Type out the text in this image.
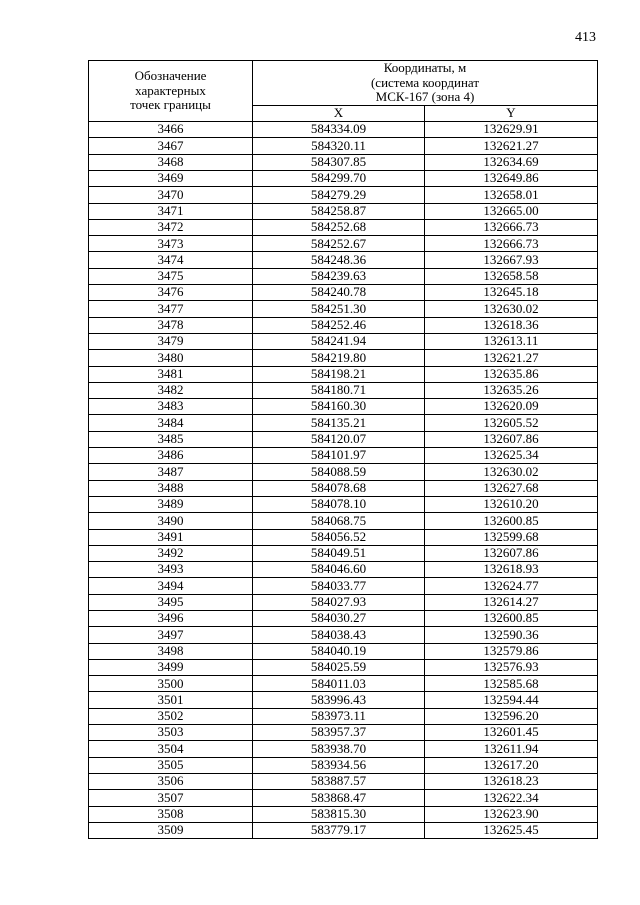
413
Обозначение
характерных
точек границы	Координаты, м
(система координат
МСК-167 (зона 4)	

	X	Y
3466	584334.09	132629.91
3467	584320.11	132621.27
3468	584307.85	132634.69
3469	584299.70	132649.86
3470	584279.29	132658.01
3471	584258.87	132665.00
3472	584252.68	132666.73
3473	584252.67	132666.73
3474	584248.36	132667.93
3475	584239.63	132658.58
3476	584240.78	132645.18
3477	584251.30	132630.02
3478	584252.46	132618.36
3479	584241.94	132613.11
3480	584219.80	132621.27
3481	584198.21	132635.86
3482	584180.71	132635.26
3483	584160.30	132620.09
3484	584135.21	132605.52
3485	584120.07	132607.86
3486	584101.97	132625.34
3487	584088.59	132630.02
3488	584078.68	132627.68
3489	584078.10	132610.20
3490	584068.75	132600.85
3491	584056.52	132599.68
3492	584049.51	132607.86
3493	584046.60	132618.93
3494	584033.77	132624.77
3495	584027.93	132614.27
3496	584030.27	132600.85
3497	584038.43	132590.36
3498	584040.19	132579.86
3499	584025.59	132576.93
3500	584011.03	132585.68
3501	583996.43	132594.44
3502	583973.11	132596.20
3503	583957.37	132601.45
3504	583938.70	132611.94
3505	583934.56	132617.20
3506	583887.57	132618.23
3507	583868.47	132622.34
3508	583815.30	132623.90
3509	583779.17	132625.45
